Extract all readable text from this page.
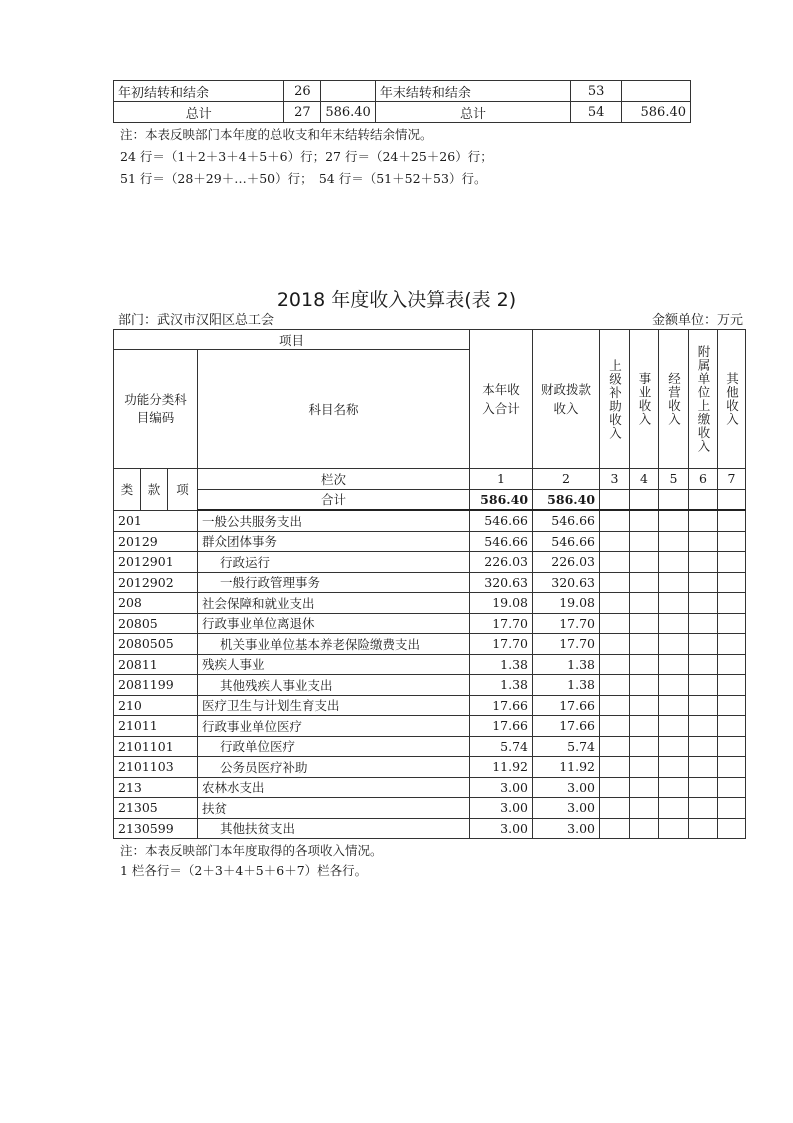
年初结转和结余	26		年末结转和结余	53	
总计	27	586.40	总计	54	586.40
注：本表反映部门本年度的总收支和年末结转结余情况。
24 行＝（1＋2＋3＋4＋5＋6）行；27 行＝（24＋25＋26）行；
51 行＝（28＋29＋…＋50）行；　54 行＝（51＋52＋53）行。
2018 年度收入决算表(表 2)
部门：武汉市汉阳区总工会	金额单位：万元
项目				本年收入合计	财政拨款收入	上级补助收入	事业收入	经营收入	附属单位上缴收入	其他收入

功能分类科目编码			科目名称							
类	款	项	栏次	1	2	3	4	5	6	7
			合计	586.40	586.40					
201			一般公共服务支出	546.66	546.66					
20129			群众团体事务	546.66	546.66					
2012901			行政运行	226.03	226.03					
2012902			一般行政管理事务	320.63	320.63					
208			社会保障和就业支出	19.08	19.08					
20805			行政事业单位离退休	17.70	17.70					
2080505			机关事业单位基本养老保险缴费支出	17.70	17.70					
20811			残疾人事业	1.38	1.38					
2081199			其他残疾人事业支出	1.38	1.38					
210			医疗卫生与计划生育支出	17.66	17.66					
21011			行政事业单位医疗	17.66	17.66					
2101101			行政单位医疗	5.74	5.74					
2101103			公务员医疗补助	11.92	11.92					
213			农林水支出	3.00	3.00					
21305			扶贫	3.00	3.00					
2130599			其他扶贫支出	3.00	3.00					
注：本表反映部门本年度取得的各项收入情况。
1 栏各行＝（2＋3＋4＋5＋6＋7）栏各行。
